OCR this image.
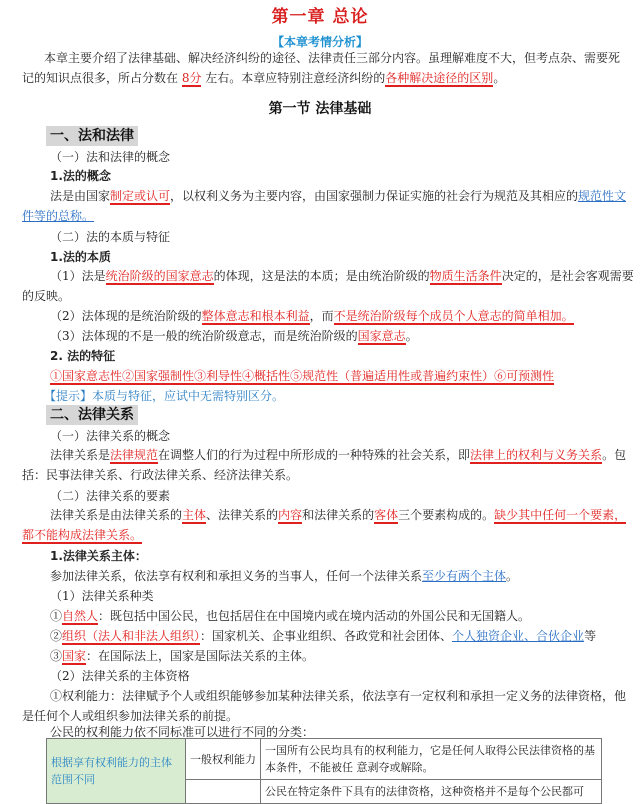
第一章 总论
【本章考情分析】
本章主要介绍了法律基础、解决经济纠纷的途径、法律责任三部分内容。虽理解难度不大，但考点杂、需要死
记的知识点很多，所占分数在 8分 左右。本章应特别注意经济纠纷的各种解决途径的区别。
第一节 法律基础
一、法和法律
（一）法和法律的概念
1.法的概念
法是由国家制定或认可，以权利义务为主要内容，由国家强制力保证实施的社会行为规范及其相应的规范性文
件等的总称。
（二）法的本质与特征
1.法的本质
（1）法是统治阶级的国家意志的体现，这是法的本质；是由统治阶级的物质生活条件决定的，是社会客观需要
的反映。
（2）法体现的是统治阶级的整体意志和根本利益，而不是统治阶级每个成员个人意志的简单相加。
（3）法体现的不是一般的统治阶级意志，而是统治阶级的国家意志。
2. 法的特征
①国家意志性②国家强制性③利导性④概括性⑤规范性（普遍适用性或普遍约束性）⑥可预测性
【提示】本质与特征，应试中无需特别区分。
二、法律关系
（一）法律关系的概念
法律关系是法律规范在调整人们的行为过程中所形成的一种特殊的社会关系，即法律上的权利与义务关系。包
括：民事法律关系、行政法律关系、经济法律关系。
（二）法律关系的要素
法律关系是由法律关系的主体、法律关系的内容和法律关系的客体三个要素构成的。缺少其中任何一个要素，
都不能构成法律关系。
1.法律关系主体：
参加法律关系，依法享有权利和承担义务的当事人，任何一个法律关系至少有两个主体。
（1）法律关系种类
①自然人：既包括中国公民，也包括居住在中国境内或在境内活动的外国公民和无国籍人。
②组织（法人和非法人组织）：国家机关、企事业组织、各政党和社会团体、个人独资企业、合伙企业等
③国家：在国际法上，国家是国际法关系的主体。
（2）法律关系的主体资格
①权利能力：法律赋予个人或组织能够参加某种法律关系，依法享有一定权利和承担一定义务的法律资格，他
是任何个人或组织参加法律关系的前提。
公民的权利能力依不同标准可以进行不同的分类：
根据享有权利能力的主体范围不同	一般权利能力	一国所有公民均具有的权利能力，它是任何人取得公民法律资格的基本条件，不能被任 意剥夺或解除。
		公民在特定条件下具有的法律资格，这种资格并不是每个公民都可
